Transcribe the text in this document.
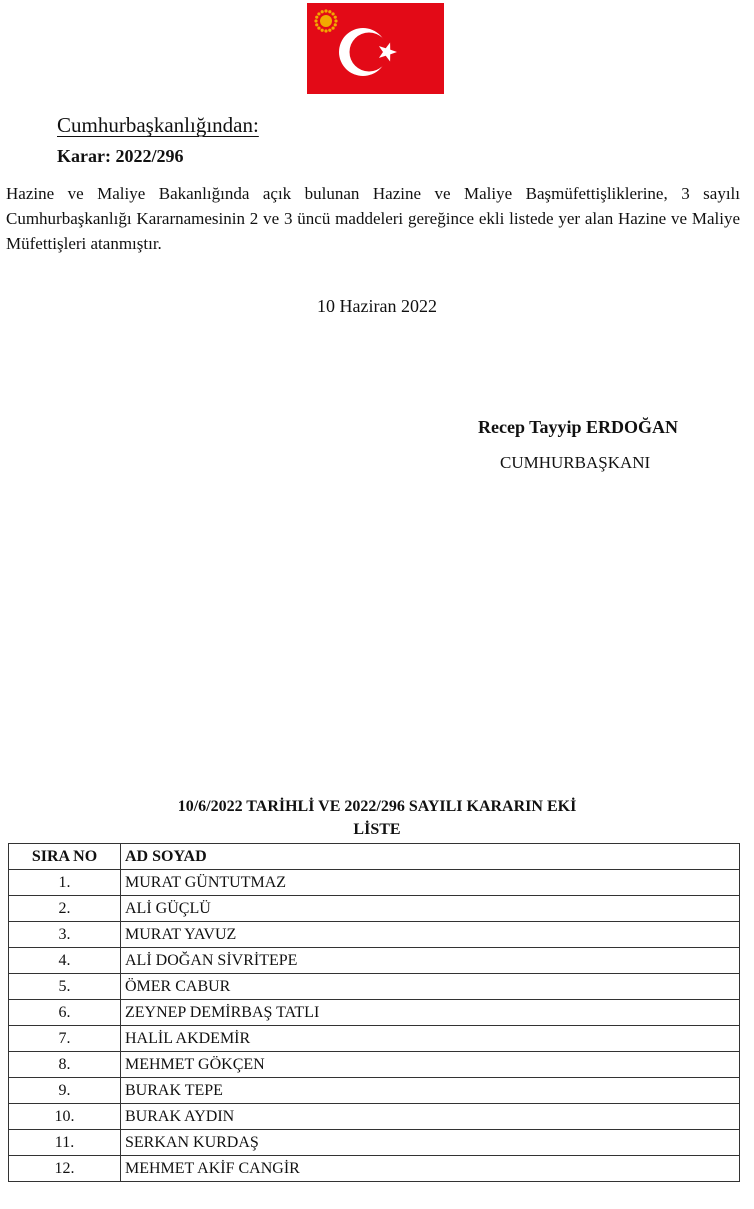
Cumhurbaşkanlığından:
Karar: 2022/296
Hazine ve Maliye Bakanlığında açık bulunan Hazine ve Maliye Başmüfettişliklerine, 3 sayılı Cumhurbaşkanlığı Kararnamesinin 2 ve 3 üncü maddeleri gereğince ekli listede yer alan Hazine ve Maliye Müfettişleri atanmıştır.
10 Haziran 2022
Recep Tayyip ERDOĞAN
CUMHURBAŞKANI
10/6/2022 TARİHLİ VE 2022/296 SAYILI KARARIN EKİ
LİSTE
SIRA NO	AD SOYAD
1.	MURAT GÜNTUTMAZ
2.	ALİ GÜÇLÜ
3.	MURAT YAVUZ
4.	ALİ DOĞAN SİVRİTEPE
5.	ÖMER CABUR
6.	ZEYNEP DEMİRBAŞ TATLI
7.	HALİL AKDEMİR
8.	MEHMET GÖKÇEN
9.	BURAK TEPE
10.	BURAK AYDIN
11.	SERKAN KURDAŞ
12.	MEHMET AKİF CANGİR
